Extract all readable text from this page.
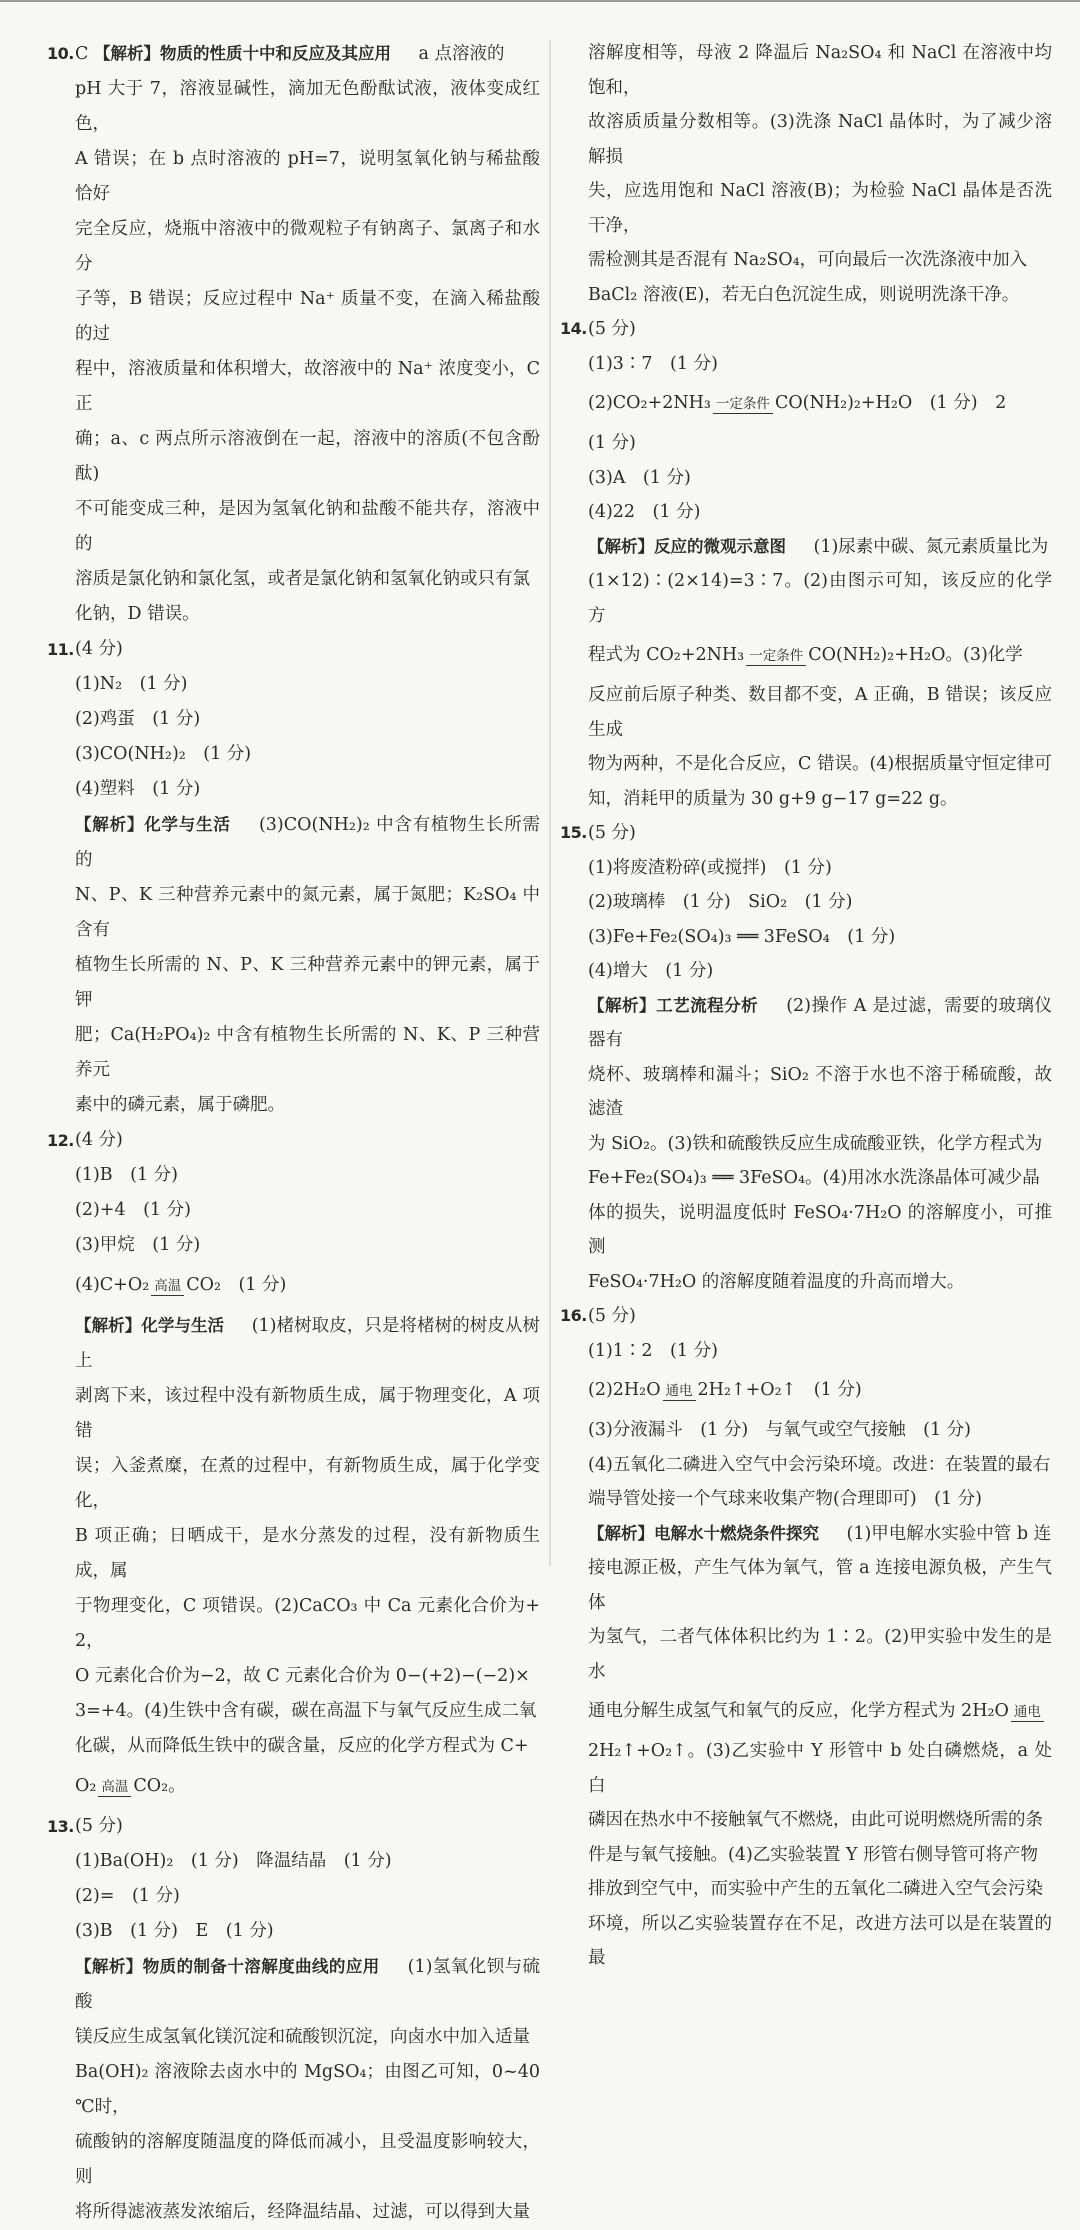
10. C 【解析】物质的性质十中和反应及其应用　a 点溶液的
pH 大于 7，溶液显碱性，滴加无色酚酞试液，液体变成红色，
A 错误；在 b 点时溶液的 pH=7，说明氢氧化钠与稀盐酸恰好
完全反应，烧瓶中溶液中的微观粒子有钠离子、氯离子和水分
子等，B 错误；反应过程中 Na⁺ 质量不变，在滴入稀盐酸的过
程中，溶液质量和体积增大，故溶液中的 Na⁺ 浓度变小，C 正
确；a、c 两点所示溶液倒在一起，溶液中的溶质(不包含酚酞)
不可能变成三种，是因为氢氧化钠和盐酸不能共存，溶液中的
溶质是氯化钠和氯化氢，或者是氯化钠和氢氧化钠或只有氯
化钠，D 错误。
11. (4 分)
(1)N₂　(1 分)
(2)鸡蛋　(1 分)
(3)CO(NH₂)₂　(1 分)
(4)塑料　(1 分)
【解析】化学与生活　(3)CO(NH₂)₂ 中含有植物生长所需的
N、P、K 三种营养元素中的氮元素，属于氮肥；K₂SO₄ 中含有
植物生长所需的 N、P、K 三种营养元素中的钾元素，属于钾
肥；Ca(H₂PO₄)₂ 中含有植物生长所需的 N、K、P 三种营养元
素中的磷元素，属于磷肥。
12. (4 分)
(1)B　(1 分)
(2)+4　(1 分)
(3)甲烷　(1 分)
(4)C+O₂ 高温 CO₂　(1 分)
【解析】化学与生活　(1)楮树取皮，只是将楮树的树皮从树上
剥离下来，该过程中没有新物质生成，属于物理变化，A 项错
误；入釜煮糜，在煮的过程中，有新物质生成，属于化学变化，
B 项正确；日晒成干，是水分蒸发的过程，没有新物质生成，属
于物理变化，C 项错误。(2)CaCO₃ 中 Ca 元素化合价为+2，
O 元素化合价为−2，故 C 元素化合价为 0−(+2)−(−2)×
3=+4。(4)生铁中含有碳，碳在高温下与氧气反应生成二氧
化碳，从而降低生铁中的碳含量，反应的化学方程式为 C+
O₂ 高温 CO₂。
13. (5 分)
(1)Ba(OH)₂　(1 分)　降温结晶　(1 分)
(2)=　(1 分)
(3)B　(1 分)　E　(1 分)
【解析】物质的制备十溶解度曲线的应用　(1)氢氧化钡与硫酸
镁反应生成氢氧化镁沉淀和硫酸钡沉淀，向卤水中加入适量
Ba(OH)₂ 溶液除去卤水中的 MgSO₄；由图乙可知，0~40 ℃时，
硫酸钠的溶解度随温度的降低而减小，且受温度影响较大，则
将所得滤液蒸发浓缩后，经降温结晶、过滤，可以得到大量
溶解度相等，母液 2 降温后 Na₂SO₄ 和 NaCl 在溶液中均饱和，
故溶质质量分数相等。(3)洗涤 NaCl 晶体时，为了减少溶解损
失，应选用饱和 NaCl 溶液(B)；为检验 NaCl 晶体是否洗干净，
需检测其是否混有 Na₂SO₄，可向最后一次洗涤液中加入
BaCl₂ 溶液(E)，若无白色沉淀生成，则说明洗涤干净。
14. (5 分)
(1)3∶7　(1 分)
(2)CO₂+2NH₃ 一定条件 CO(NH₂)₂+H₂O　(1 分)　2
(1 分)
(3)A　(1 分)
(4)22　(1 分)
【解析】反应的微观示意图　(1)尿素中碳、氮元素质量比为
(1×12)∶(2×14)=3∶7。(2)由图示可知，该反应的化学方
程式为 CO₂+2NH₃ 一定条件 CO(NH₂)₂+H₂O。(3)化学
反应前后原子种类、数目都不变，A 正确，B 错误；该反应生成
物为两种，不是化合反应，C 错误。(4)根据质量守恒定律可
知，消耗甲的质量为 30 g+9 g−17 g=22 g。
15. (5 分)
(1)将废渣粉碎(或搅拌)　(1 分)
(2)玻璃棒　(1 分)　SiO₂　(1 分)
(3)Fe+Fe₂(SO₄)₃ ══ 3FeSO₄　(1 分)
(4)增大　(1 分)
【解析】工艺流程分析　(2)操作 A 是过滤，需要的玻璃仪器有
烧杯、玻璃棒和漏斗；SiO₂ 不溶于水也不溶于稀硫酸，故滤渣
为 SiO₂。(3)铁和硫酸铁反应生成硫酸亚铁，化学方程式为
Fe+Fe₂(SO₄)₃ ══ 3FeSO₄。(4)用冰水洗涤晶体可减少晶
体的损失，说明温度低时 FeSO₄·7H₂O 的溶解度小，可推测
FeSO₄·7H₂O 的溶解度随着温度的升高而增大。
16. (5 分)
(1)1∶2　(1 分)
(2)2H₂O 通电 2H₂↑+O₂↑　(1 分)
(3)分液漏斗　(1 分)　与氧气或空气接触　(1 分)
(4)五氧化二磷进入空气中会污染环境。改进：在装置的最右
端导管处接一个气球来收集产物(合理即可)　(1 分)
【解析】电解水十燃烧条件探究　(1)甲电解水实验中管 b 连
接电源正极，产生气体为氧气，管 a 连接电源负极，产生气体
为氢气，二者气体体积比约为 1∶2。(2)甲实验中发生的是水
通电分解生成氢气和氧气的反应，化学方程式为 2H₂O 通电
2H₂↑+O₂↑。(3)乙实验中 Y 形管中 b 处白磷燃烧，a 处白
磷因在热水中不接触氧气不燃烧，由此可说明燃烧所需的条
件是与氧气接触。(4)乙实验装置 Y 形管右侧导管可将产物
排放到空气中，而实验中产生的五氧化二磷进入空气会污染
环境，所以乙实验装置存在不足，改进方法可以是在装置的最
